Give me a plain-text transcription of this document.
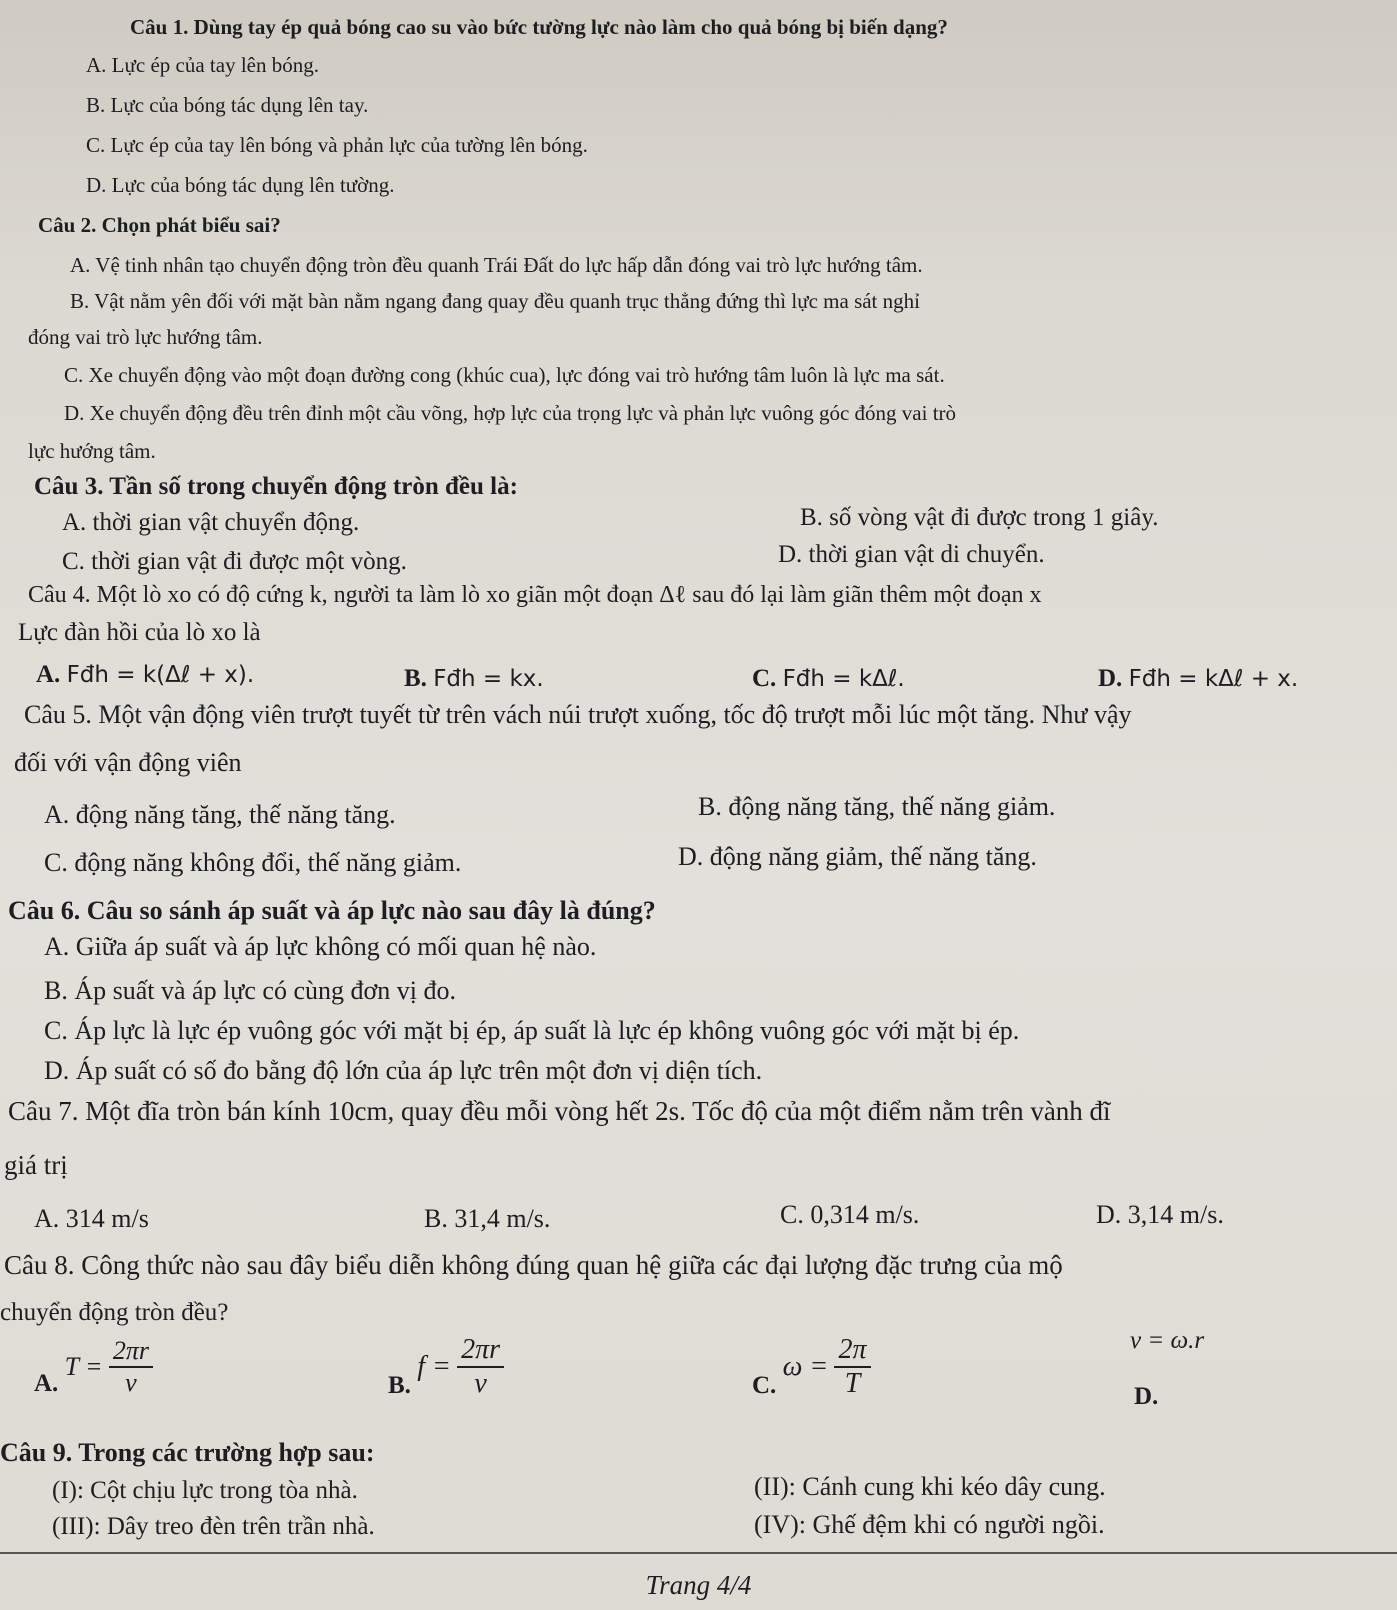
Câu 1. Dùng tay ép quả bóng cao su vào bức tường lực nào làm cho quả bóng bị biến dạng?
A. Lực ép của tay lên bóng.
B. Lực của bóng tác dụng lên tay.
C. Lực ép của tay lên bóng và phản lực của tường lên bóng.
D. Lực của bóng tác dụng lên tường.
Câu 2. Chọn phát biểu sai?
A. Vệ tinh nhân tạo chuyển động tròn đều quanh Trái Đất do lực hấp dẫn đóng vai trò lực hướng tâm.
B. Vật nằm yên đối với mặt bàn nằm ngang đang quay đều quanh trục thẳng đứng thì lực ma sát nghỉ
đóng vai trò lực hướng tâm.
C. Xe chuyển động vào một đoạn đường cong (khúc cua), lực đóng vai trò hướng tâm luôn là lực ma sát.
D. Xe chuyển động đều trên đỉnh một cầu võng, hợp lực của trọng lực và phản lực vuông góc đóng vai trò
lực hướng tâm.
Câu 3. Tần số trong chuyển động tròn đều là:
A. thời gian vật chuyển động.	B. số vòng vật đi được trong 1 giây.
C. thời gian vật đi được một vòng.	D. thời gian vật di chuyển.
Câu 4. Một lò xo có độ cứng k, người ta làm lò xo giãn một đoạn Δℓ sau đó lại làm giãn thêm một đoạn x
Lực đàn hồi của lò xo là
A. Fđh = k(Δℓ + x).	B. Fđh = kx.	C. Fđh = kΔℓ.	D. Fđh = kΔℓ + x.
Câu 5. Một vận động viên trượt tuyết từ trên vách núi trượt xuống, tốc độ trượt mỗi lúc một tăng. Như vậy
đối với vận động viên
A. động năng tăng, thế năng tăng.	B. động năng tăng, thế năng giảm.
C. động năng không đổi, thế năng giảm.	D. động năng giảm, thế năng tăng.
Câu 6. Câu so sánh áp suất và áp lực nào sau đây là đúng?
A. Giữa áp suất và áp lực không có mối quan hệ nào.
B. Áp suất và áp lực có cùng đơn vị đo.
C. Áp lực là lực ép vuông góc với mặt bị ép, áp suất là lực ép không vuông góc với mặt bị ép.
D. Áp suất có số đo bằng độ lớn của áp lực trên một đơn vị diện tích.
Câu 7. Một đĩa tròn bán kính 10cm, quay đều mỗi vòng hết 2s. Tốc độ của một điểm nằm trên vành đĩ
giá trị
A. 314 m/s	B. 31,4 m/s.	C. 0,314 m/s.	D. 3,14 m/s.
Câu 8. Công thức nào sau đây biểu diễn không đúng quan hệ giữa các đại lượng đặc trưng của mộ
chuyển động tròn đều?
A. $T = \frac{2\pi r}{v}$	B. $f = \frac{2\pi r}{v}$	C. $\omega = \frac{2\pi}{T}$	v = ω.r
D.
Câu 9. Trong các trường hợp sau:
(I): Cột chịu lực trong tòa nhà.	(II): Cánh cung khi kéo dây cung.
(III): Dây treo đèn trên trần nhà.	(IV): Ghế đệm khi có người ngồi.
Trang 4/4
